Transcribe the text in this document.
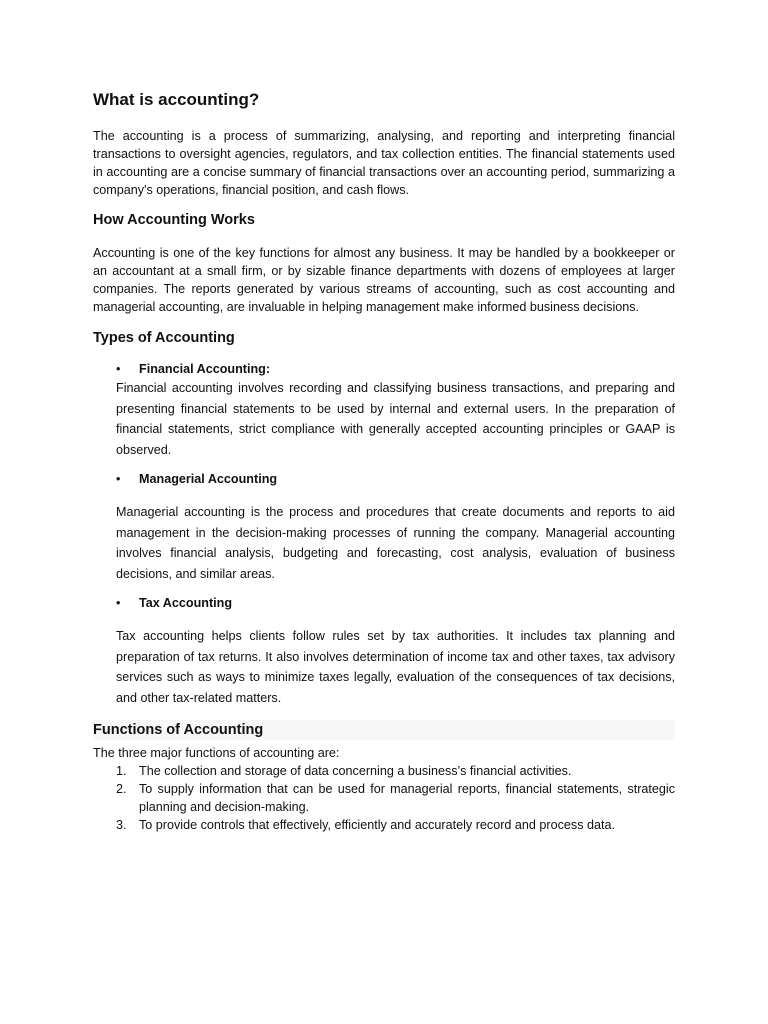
What is accounting?

The accounting is a process of summarizing, analysing, and reporting and interpreting financial transactions to oversight agencies, regulators, and tax collection entities. The financial statements used in accounting are a concise summary of financial transactions over an accounting period, summarizing a company's operations, financial position, and cash flows.

How Accounting Works

Accounting is one of the key functions for almost any business. It may be handled by a bookkeeper or an accountant at a small firm, or by sizable finance departments with dozens of employees at larger companies. The reports generated by various streams of accounting, such as cost accounting and managerial accounting, are invaluable in helping management make informed business decisions.

Types of Accounting
• Financial Accounting:

Financial accounting involves recording and classifying business transactions, and preparing and presenting financial statements to be used by internal and external users. In the preparation of financial statements, strict compliance with generally accepted accounting principles or GAAP is observed.

• Managerial Accounting

Managerial accounting is the process and procedures that create documents and reports to aid management in the decision-making processes of running the company. Managerial accounting involves financial analysis, budgeting and forecasting, cost analysis, evaluation of business decisions, and similar areas.

• Tax Accounting

Tax accounting helps clients follow rules set by tax authorities. It includes tax planning and preparation of tax returns. It also involves determination of income tax and other taxes, tax advisory services such as ways to minimize taxes legally, evaluation of the consequences of tax decisions, and other tax-related matters.

Functions of Accounting

The three major functions of accounting are:

1. The collection and storage of data concerning a business’s financial activities.
2. To supply information that can be used for managerial reports, financial statements, strategic planning and decision-making.
3. To provide controls that effectively, efficiently and accurately record and process data.
